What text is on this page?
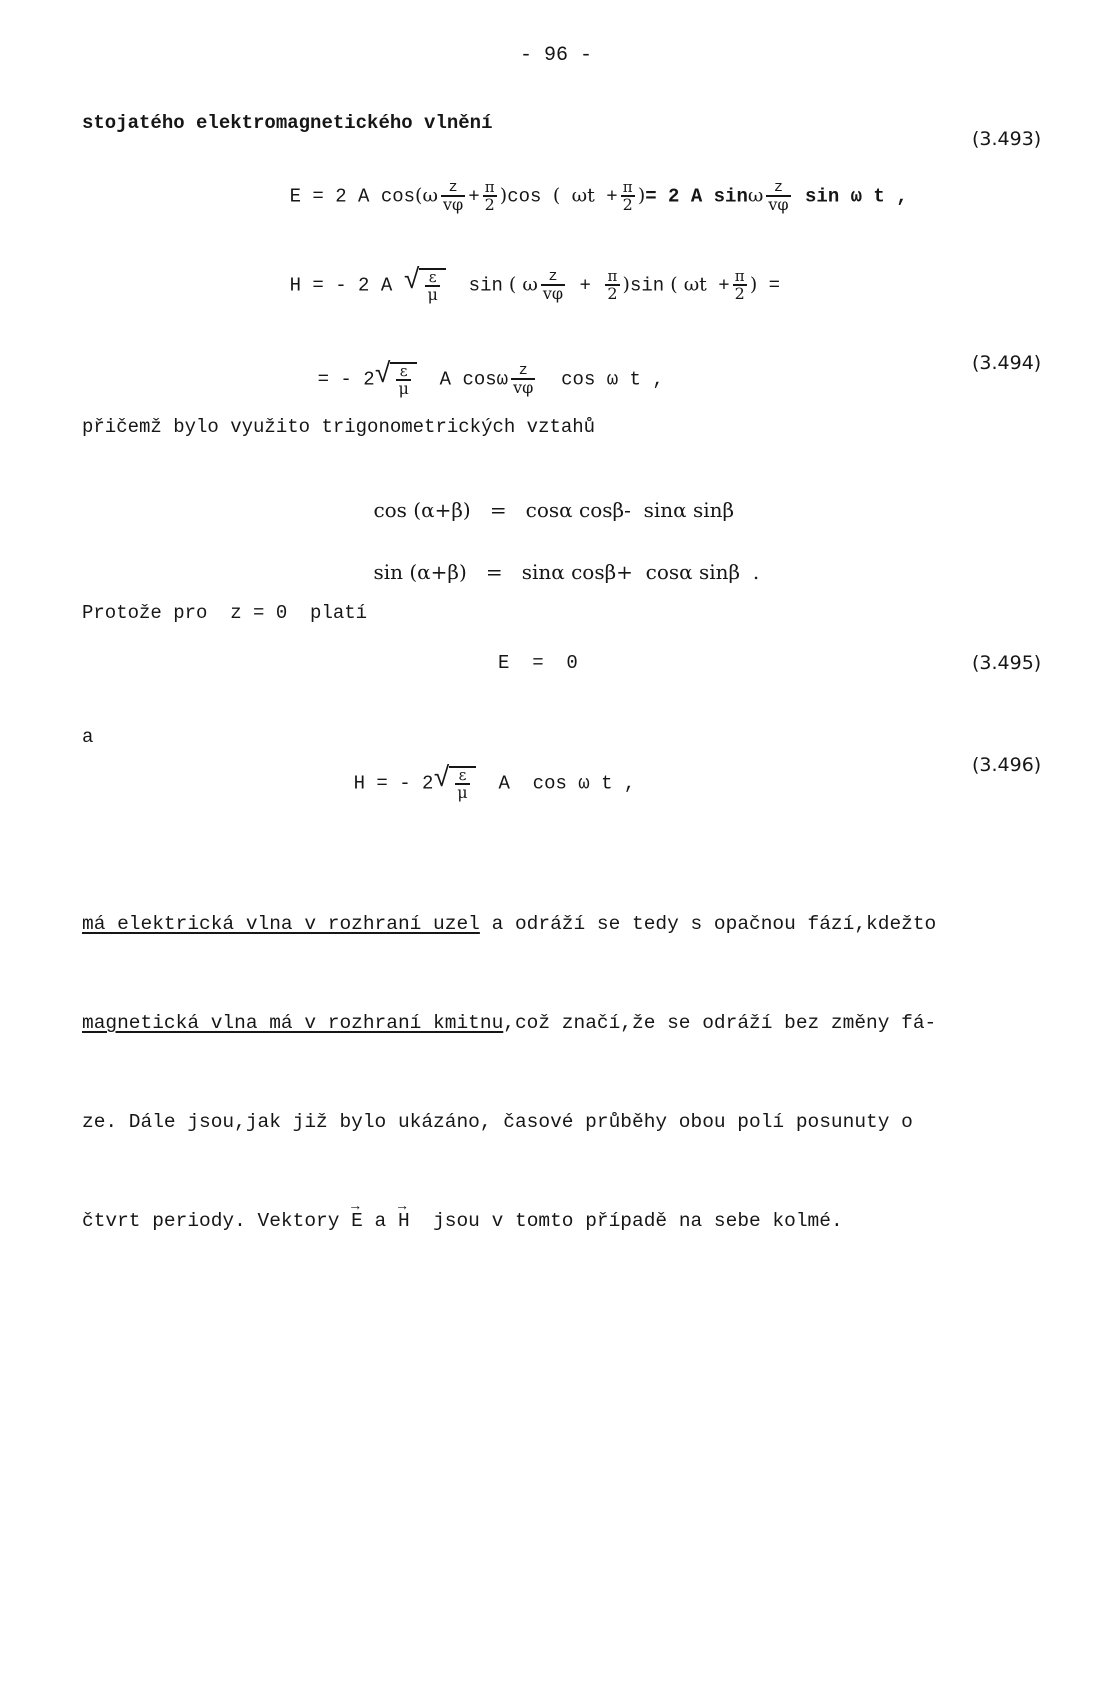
- 96 -
stojatého elektromagnetického vlnění

E = 2 A $\cos(\omega \frac{z}{v\varphi} + \frac{\pi}{2} )\cos$ ( $\omega t + \frac{\pi}{2}$ )= 2 A sinω $\frac{z}{v\varphi}$ sin ω t ,

(3.493)

H = - 2 A √ $\frac{\varepsilon}{\mu}$ sin ( ω $\frac{z}{v\varphi} + \frac{\pi}{2} )\sin$ ( $\omega t + \frac{\pi}{2}$ ) =

= - 2 √ $\frac{\varepsilon}{\mu}$ A cosω $\frac{z}{v\varphi}$ cos ω t ,

(3.494)
přičemž bylo využito trigonometrických vztahů

cos (α+β) = cosα cosβ-  sinα sinβ

sin (α+β) = sinα cosβ+  cosα sinβ  .

Protože pro  z = 0  platí
E  =  0	(3.495)
a

H = - 2 √ $\frac{\varepsilon}{\mu}$ A  cos ω t ,

(3.496)

má elektrická vlna v rozhraní uzel a odráží se tedy s opačnou fází,kdežto

magnetická vlna má v rozhraní kmitnu,což značí,že se odráží bez změny fá-

ze. Dále jsou,jak již bylo ukázáno, časové průběhy obou polí posunuty o

čtvrt periody. Vektory → E a → H  jsou v tomto případě na sebe kolmé.
